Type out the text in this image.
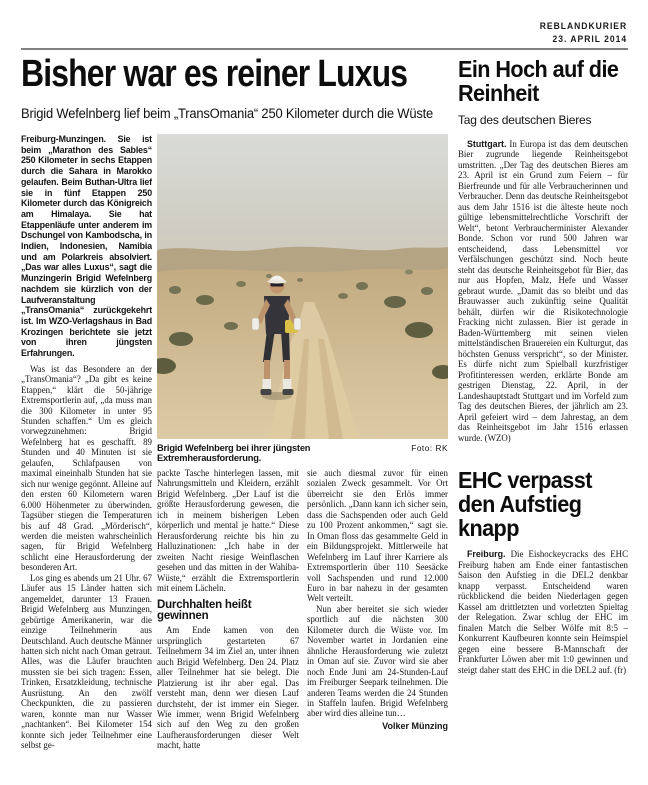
REBLANDKURIER
23. APRIL 2014
Bisher war es reiner Luxus
Brigid Wefelnberg lief beim „TransOmania“ 250 Kilometer durch die Wüste

Freiburg-Munzingen. Sie ist beim „Marathon des Sables“ 250 Kilometer in sechs Etappen durch die Sahara in Marokko gelaufen. Beim Buthan-Ultra lief sie in fünf Etappen 250 Kilometer durch das Königreich am Himalaya. Sie hat Etappenläufe unter anderem im Dschungel von Kambodscha, in Indien, Indonesien, Namibia und am Polarkreis absolviert. „Das war alles Luxus“, sagt die Munzingerin Brigid Wefelnberg nachdem sie kürzlich von der Laufveranstaltung „TransOmania“ zurückgekehrt ist. Im WZO-Verlagshaus in Bad Krozingen berichtete sie jetzt von ihren jüngsten Erfahrungen.

Was ist das Besondere an der „TransOmania“? „Da gibt es keine Etappen,“ klärt die 50-jährige Extremsportlerin auf, „da muss man die 300 Kilometer in unter 95 Stunden schaffen.“ Um es gleich vorwegzunehmen: Brigid Wefelnberg hat es geschafft. 89 Stunden und 40 Minuten ist sie gelaufen, Schlafpausen von maximal eineinhalb Stunden hat sie sich nur wenige gegönnt. Alleine auf den ersten 60 Kilometern waren 6.000 Höhenmeter zu überwinden. Tagsüber stiegen die Temperaturen bis auf 48 Grad. „Mörderisch“, werden die meisten wahrscheinlich sagen, für Brigid Wefelnberg schlicht eine Herausforderung der besonderen Art.

Los ging es abends um 21 Uhr. 67 Läufer aus 15 Länder hatten sich angemeldet, darunter 13 Frauen. Brigid Wefelnberg aus Munzingen, gebürtige Amerikanerin, war die einzige Teilnehmerin aus Deutschland. Auch deutsche Männer hatten sich nicht nach Oman getraut. Alles, was die Läufer brauchten mussten sie bei sich tragen: Essen, Trinken, Ersatzkleidung, technische Ausrüstung. An den zwölf Checkpunkten, die zu passieren waren, konnte man nur Wasser „nachtanken“. Bei Kilometer 154 konnte sich jeder Teilnehmer eine selbst ge-

Brigid Wefelnberg bei ihrer jüngsten Extremherausforderung.
Foto: RK

packte Tasche hinterlegen lassen, mit Nahrungsmitteln und Kleidern, erzählt Brigid Wefelnberg. „Der Lauf ist die größte Herausforderung gewesen, die ich in meinem bisherigen Leben körperlich und mental je hatte.“ Diese Herausforderung reichte bis hin zu Halluzinationen: „Ich habe in der zweiten Nacht riesige Weinflaschen gesehen und das mitten in der Wahiba-Wüste,“ erzählt die Extremsportlerin mit einem Lächeln.

Durchhalten heißt gewinnen

Am Ende kamen von den ursprünglich gestarteten 67 Teilnehmern 34 im Ziel an, unter ihnen auch Brigid Wefelnberg. Den 24. Platz aller Teilnehmer hat sie belegt. Die Platzierung ist ihr aber egal. Das versteht man, denn wer diesen Lauf durchsteht, der ist immer ein Sieger. Wie immer, wenn Brigid Wefelnberg sich auf den Weg zu den großen Laufherausforderungen dieser Welt macht, hatte

sie auch diesmal zuvor für einen sozialen Zweck gesammelt. Vor Ort überreicht sie den Erlös immer persönlich. „Dann kann ich sicher sein, dass die Sachspenden oder auch Geld zu 100 Prozent ankommen,“ sagt sie. In Oman floss das gesammelte Geld in ein Bildungsprojekt. Mittlerweile hat Wefelnberg im Lauf ihrer Karriere als Extremsportlerin über 110 Seesäcke voll Sachspenden und rund 12.000 Euro in bar nahezu in der gesamten Welt verteilt.

Nun aber bereitet sie sich wieder sportlich auf die nächsten 300 Kilometer durch die Wüste vor. Im November wartet in Jordanien eine ähnliche Herausforderung wie zuletzt in Oman auf sie. Zuvor wird sie aber noch Ende Juni am 24-Stunden-Lauf im Freiburger Seepark teilnehmen. Die anderen Teams werden die 24 Stunden in Staffeln laufen. Brigid Wefelnberg aber wird dies alleine tun…

Volker Münzing
Ein Hoch auf die Reinheit
Tag des deutschen Bieres

Stuttgart. In Europa ist das dem deutschen Bier zugrunde liegende Reinheitsgebot umstritten. „Der Tag des deutschen Bieres am 23. April ist ein Grund zum Feiern – für Bierfreunde und für alle Verbraucherinnen und Verbraucher. Denn das deutsche Reinheitsgebot aus dem Jahr 1516 ist die älteste heute noch gültige lebensmittelrechtliche Vorschrift der Welt“, betont Verbraucherminister Alexander Bonde. Schon vor rund 500 Jahren war entscheidend, dass Lebensmittel vor Verfälschungen geschützt sind. Noch heute steht das deutsche Reinheitsgebot für Bier, das nur aus Hopfen, Malz, Hefe und Wasser gebraut wurde. „Damit das so bleibt und das Brauwasser auch zukünftig seine Qualität behält, dürfen wir die Risikotechnologie Fracking nicht zulassen. Bier ist gerade in Baden-Württemberg mit seinen vielen mittelständischen Brauereien ein Kulturgut, das höchsten Genuss verspricht“, so der Minister. Es dürfe nicht zum Spielball kurzfristiger Profitinteressen werden, erklärte Bonde am gestrigen Dienstag, 22. April, in der Landeshauptstadt Stuttgart und im Vorfeld zum Tag des deutschen Bieres, der jährlich am 23. April gefeiert wird – dem Jahrestag, an dem das Reinheitsgebot im Jahr 1516 erlassen wurde. (WZO)

EHC verpasst den Aufstieg knapp

Freiburg. Die Eishockeycracks des EHC Freiburg haben am Ende einer fantastischen Saison den Aufstieg in die DEL2 denkbar knapp verpasst. Entscheidend waren rückblickend die beiden Niederlagen gegen Kassel am drittletzten und vorletzten Spieltag der Relegation. Zwar schlug der EHC im finalen Match die Selber Wölfe mit 8:5 – Konkurrent Kaufbeuren konnte sein Heimspiel gegen eine bessere B-Mannschaft der Frankfurter Löwen aber mit 1:0 gewinnen und steigt daher statt des EHC in die DEL2 auf. (fr)
